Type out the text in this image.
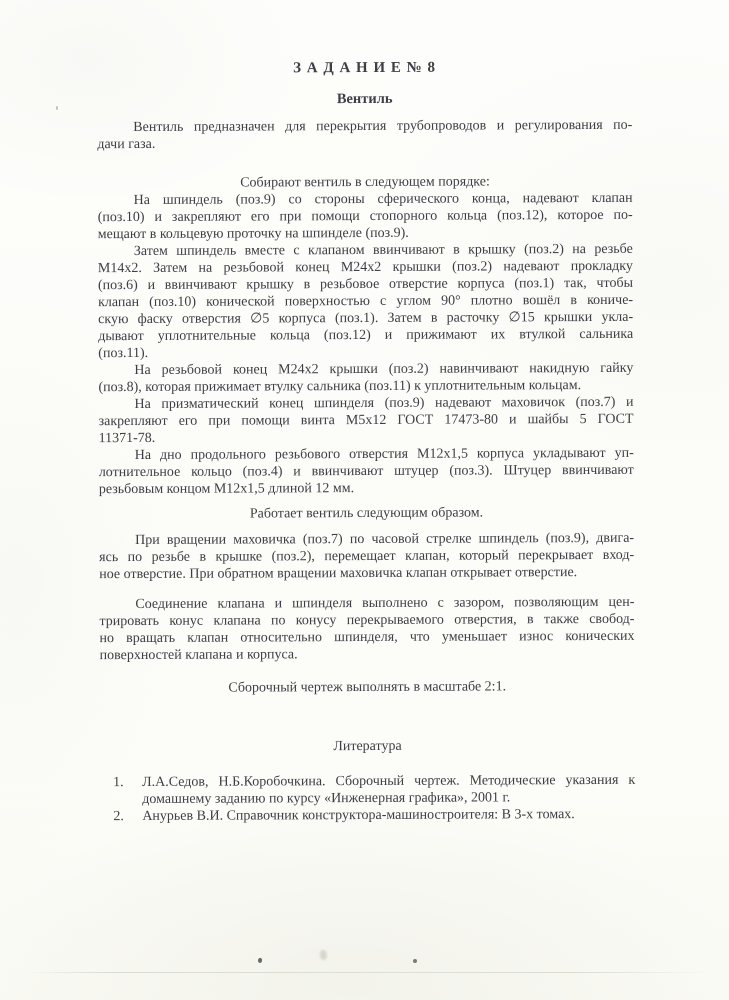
З А Д А Н И Е № 8
Вентиль
Вентиль предназначен для перекрытия трубопроводов и регулирования по-
дачи газа.
Собирают вентиль в следующем порядке:
На шпиндель (поз.9) со стороны сферического конца, надевают клапан
(поз.10) и закрепляют его при помощи стопорного кольца (поз.12), которое по-
мещают в кольцевую проточку на шпинделе (поз.9).
Затем шпиндель вместе с клапаном ввинчивают в крышку (поз.2) на резьбе
М14х2. Затем на резьбовой конец М24х2 крышки (поз.2) надевают прокладку
(поз.6) и ввинчивают крышку в резьбовое отверстие корпуса (поз.1) так, чтобы
клапан (поз.10) конической поверхностью с углом 90° плотно вошёл в кониче-
скую фаску отверстия ∅5 корпуса (поз.1). Затем в расточку ∅15 крышки укла-
дывают уплотнительные кольца (поз.12) и прижимают их втулкой сальника
(поз.11).
На резьбовой конец М24х2 крышки (поз.2) навинчивают накидную гайку
(поз.8), которая прижимает втулку сальника (поз.11) к уплотнительным кольцам.
На призматический конец шпинделя (поз.9) надевают маховичок (поз.7) и
закрепляют его при помощи винта М5х12 ГОСТ 17473-80 и шайбы 5 ГОСТ
11371-78.
На дно продольного резьбового отверстия М12х1,5 корпуса укладывают уп-
лотнительное кольцо (поз.4) и ввинчивают штуцер (поз.3). Штуцер ввинчивают
резьбовым концом М12х1,5 длиной 12 мм.
Работает вентиль следующим образом.
При вращении маховичка (поз.7) по часовой стрелке шпиндель (поз.9), двига-
ясь по резьбе в крышке (поз.2), перемещает клапан, который перекрывает вход-
ное отверстие. При обратном вращении маховичка клапан открывает отверстие.
Соединение клапана и шпинделя выполнено с зазором, позволяющим цен-
трировать конус клапана по конусу перекрываемого отверстия, в также свобод-
но вращать клапан относительно шпинделя, что уменьшает износ конических
поверхностей клапана и корпуса.
Сборочный чертеж выполнять в масштабе 2:1.
Литература
1.	Л.А.Седов, Н.Б.Коробочкина. Сборочный чертеж. Методические указания к
домашнему заданию по курсу «Инженерная графика», 2001 г.
2.	Анурьев В.И. Справочник конструктора-машиностроителя: В 3-х томах.
